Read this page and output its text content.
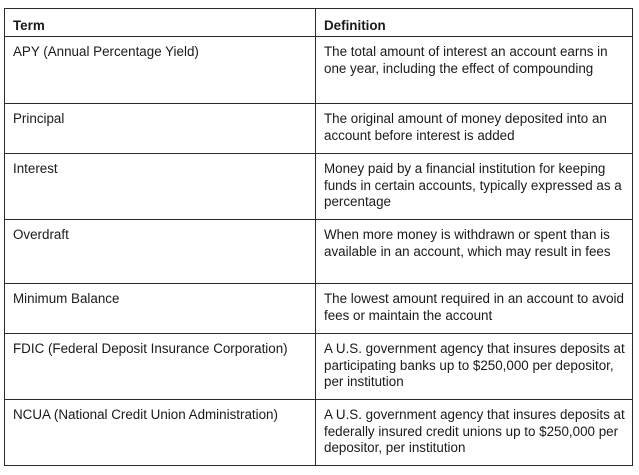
Term	Definition
APY (Annual Percentage Yield)	The total amount of interest an account earns in one year, including the effect of compounding
Principal	The original amount of money deposited into an account before interest is added
Interest	Money paid by a financial institution for keeping funds in certain accounts, typically expressed as a percentage
Overdraft	When more money is withdrawn or spent than is available in an account, which may result in fees
Minimum Balance	The lowest amount required in an account to avoid fees or maintain the account
FDIC (Federal Deposit Insurance Corporation)	A U.S. government agency that insures deposits at participating banks up to $250,000 per depositor, per institution
NCUA (National Credit Union Administration)	A U.S. government agency that insures deposits at federally insured credit unions up to $250,000 per depositor, per institution
